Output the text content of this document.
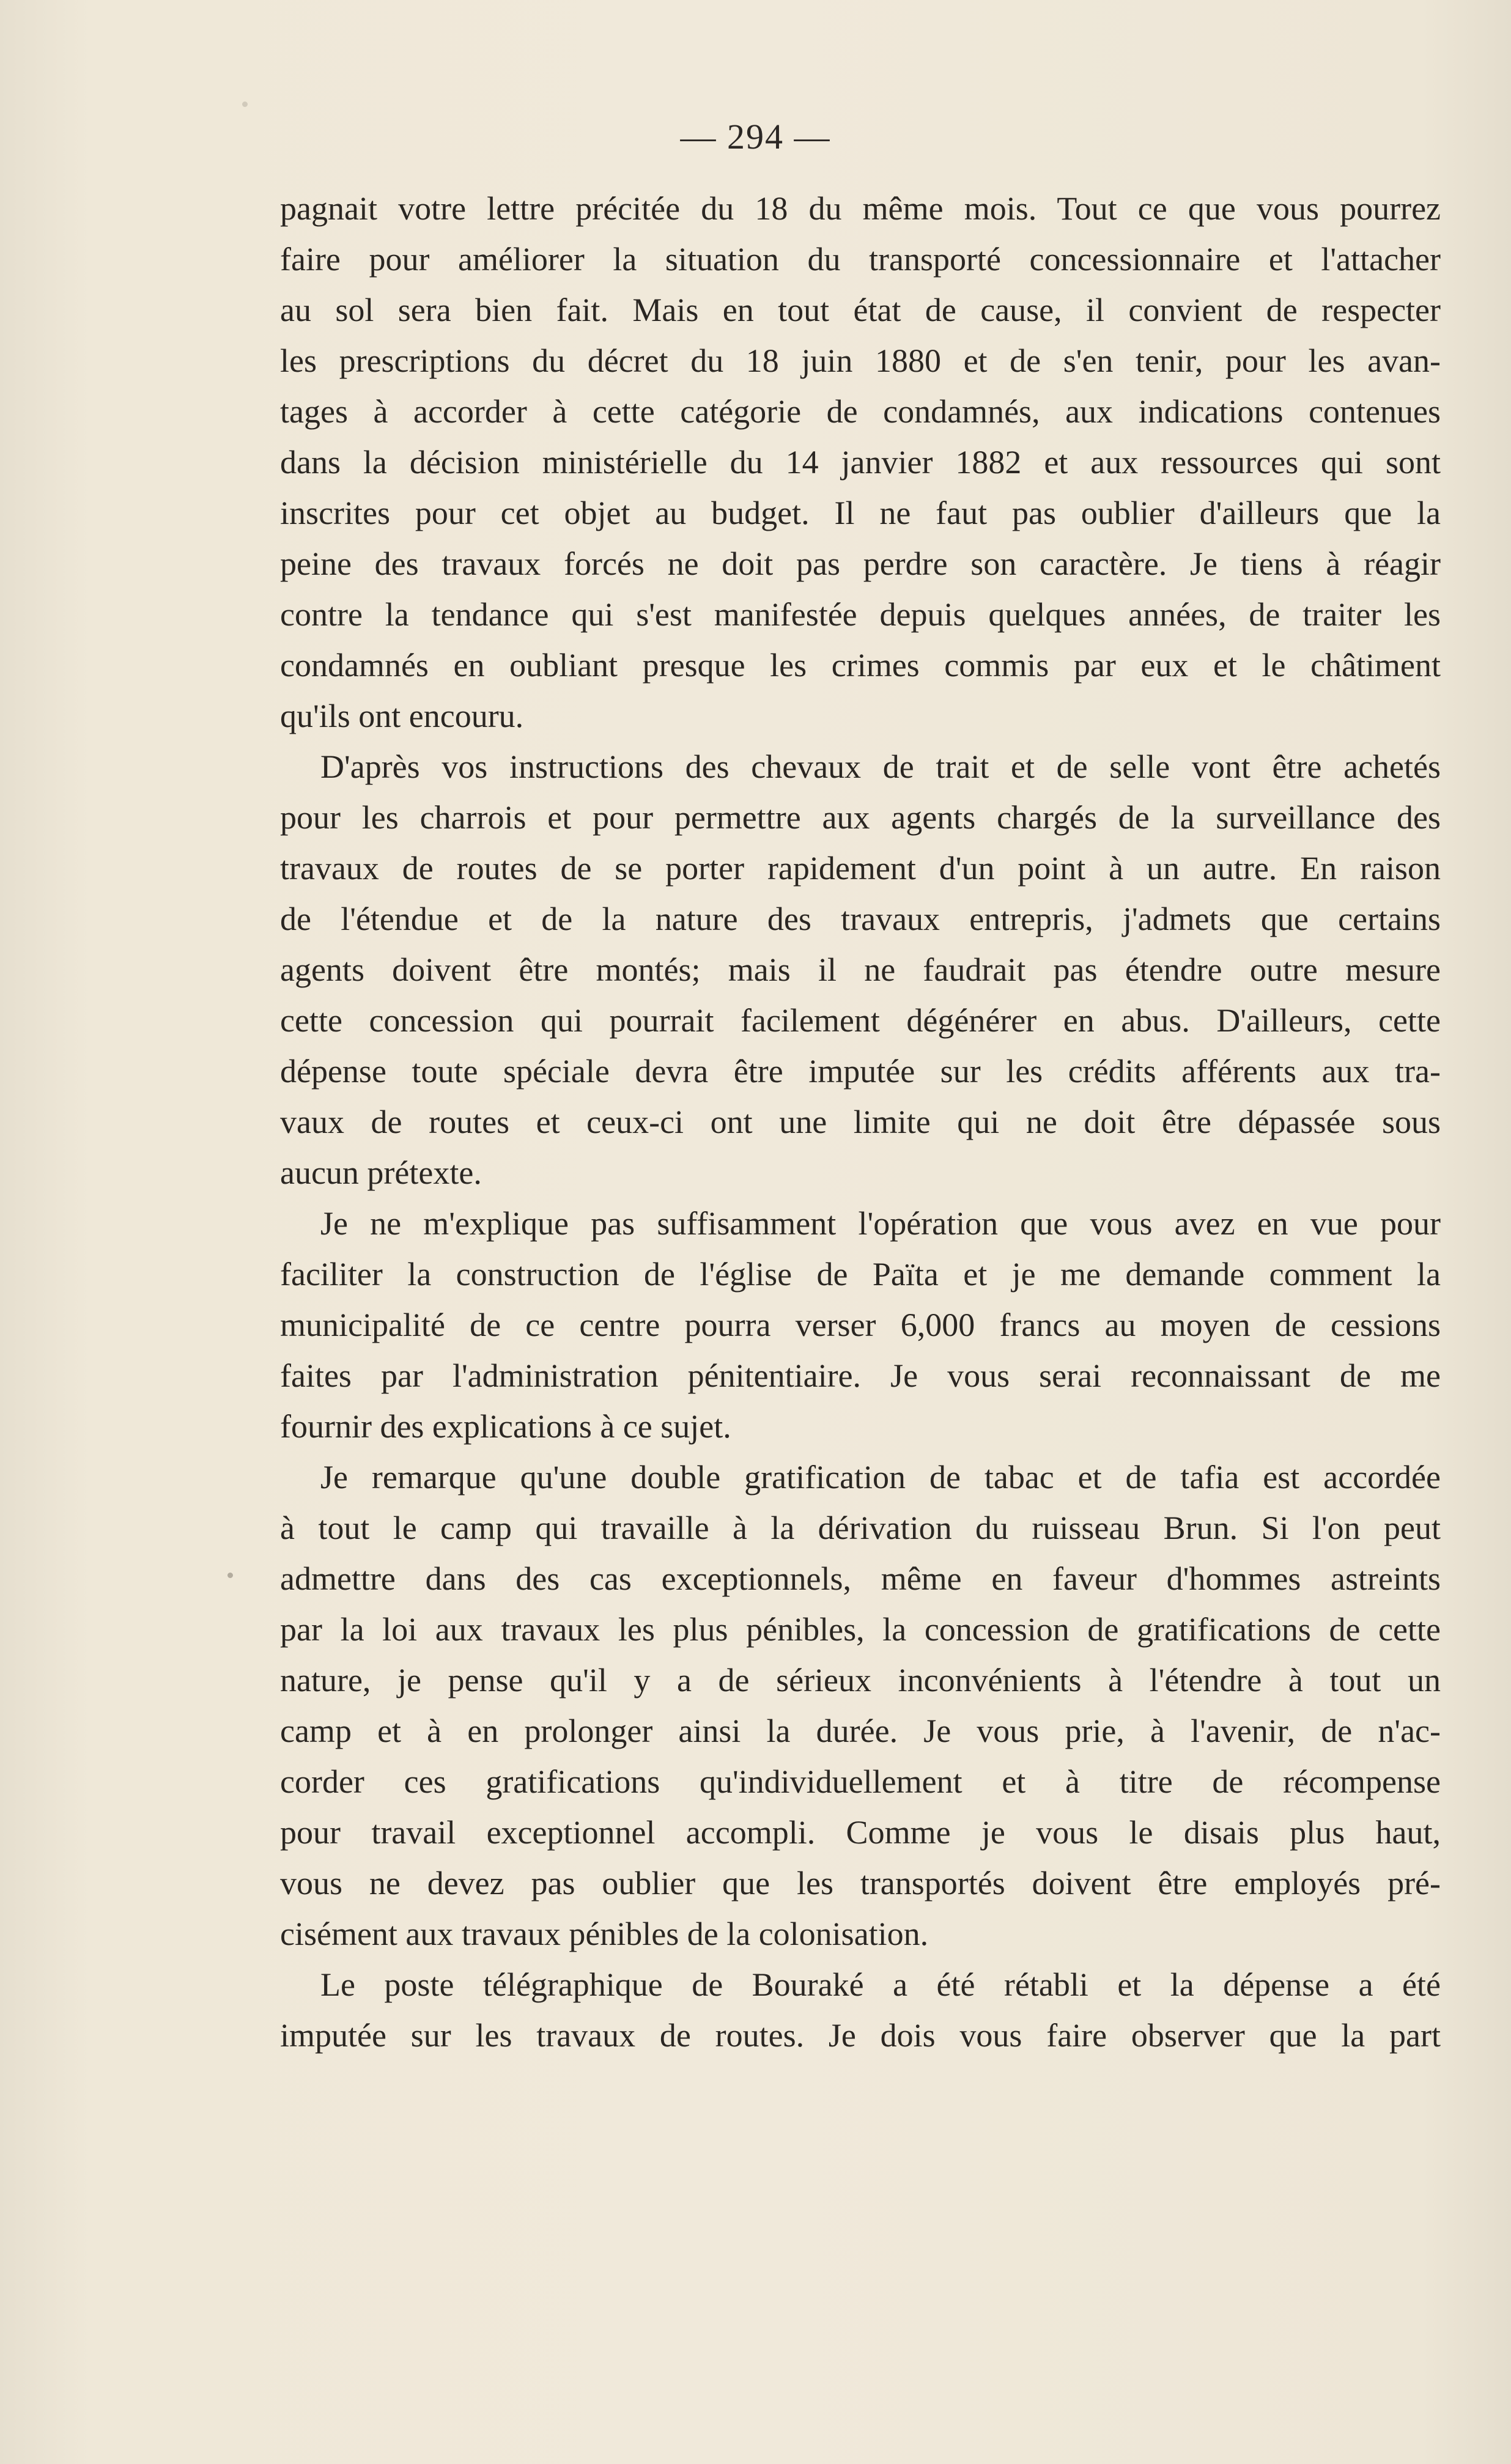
— 294 —
pagnait votre lettre précitée du 18 du même mois. Tout ce que vous pourrez
faire pour améliorer la situation du transporté concessionnaire et l'attacher
au sol sera bien fait. Mais en tout état de cause, il convient de respecter
les prescriptions du décret du 18 juin 1880 et de s'en tenir, pour les avan-
tages à accorder à cette catégorie de condamnés, aux indications contenues
dans la décision ministérielle du 14 janvier 1882 et aux ressources qui sont
inscrites pour cet objet au budget. Il ne faut pas oublier d'ailleurs que la
peine des travaux forcés ne doit pas perdre son caractère. Je tiens à réagir
contre la tendance qui s'est manifestée depuis quelques années, de traiter les
condamnés en oubliant presque les crimes commis par eux et le châtiment
qu'ils ont encouru.
D'après vos instructions des chevaux de trait et de selle vont être achetés
pour les charrois et pour permettre aux agents chargés de la surveillance des
travaux de routes de se porter rapidement d'un point à un autre. En raison
de l'étendue et de la nature des travaux entrepris, j'admets que certains
agents doivent être montés; mais il ne faudrait pas étendre outre mesure
cette concession qui pourrait facilement dégénérer en abus. D'ailleurs, cette
dépense toute spéciale devra être imputée sur les crédits afférents aux tra-
vaux de routes et ceux-ci ont une limite qui ne doit être dépassée sous
aucun prétexte.
Je ne m'explique pas suffisamment l'opération que vous avez en vue pour
faciliter la construction de l'église de Païta et je me demande comment la
municipalité de ce centre pourra verser 6,000 francs au moyen de cessions
faites par l'administration pénitentiaire. Je vous serai reconnaissant de me
fournir des explications à ce sujet.
Je remarque qu'une double gratification de tabac et de tafia est accordée
à tout le camp qui travaille à la dérivation du ruisseau Brun. Si l'on peut
admettre dans des cas exceptionnels, même en faveur d'hommes astreints
par la loi aux travaux les plus pénibles, la concession de gratifications de cette
nature, je pense qu'il y a de sérieux inconvénients à l'étendre à tout un
camp et à en prolonger ainsi la durée. Je vous prie, à l'avenir, de n'ac-
corder ces gratifications qu'individuellement et à titre de récompense
pour travail exceptionnel accompli. Comme je vous le disais plus haut,
vous ne devez pas oublier que les transportés doivent être employés pré-
cisément aux travaux pénibles de la colonisation.
Le poste télégraphique de Bouraké a été rétabli et la dépense a été
imputée sur les travaux de routes. Je dois vous faire observer que la part
